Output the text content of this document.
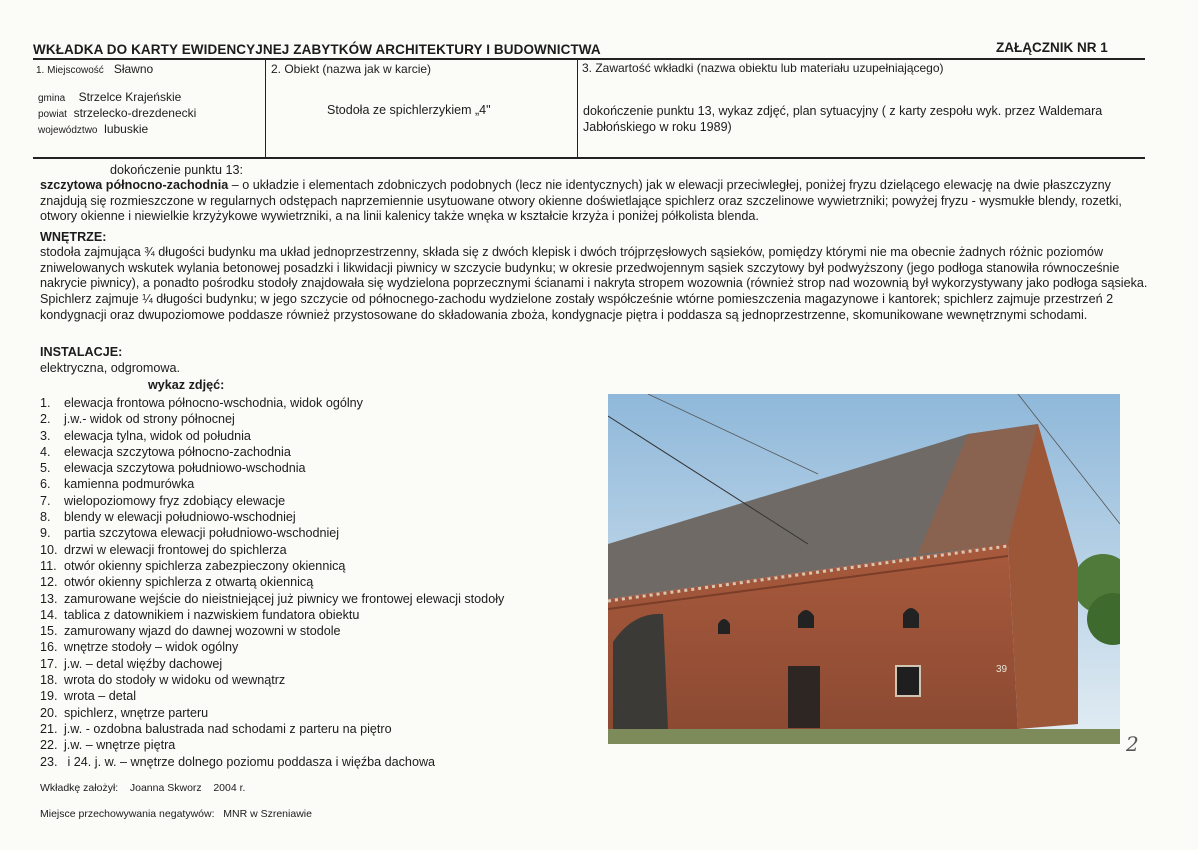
WKŁADKA DO KARTY EWIDENCYJNEJ ZABYTKÓW ARCHITEKTURY I BUDOWNICTWA	ZAŁĄCZNIK NR 1
1. Miejscowość Sławno
gmina Strzelce Krajeńskie
powiat strzelecko-drezdenecki
województwo lubuskie
2. Obiekt (nazwa jak w karcie)
Stodoła ze spichlerzykiem „4"
3. Zawartość wkładki (nazwa obiektu lub materiału uzupełniającego)
dokończenie punktu 13, wykaz zdjęć, plan sytuacyjny ( z karty zespołu wyk. przez Waldemara Jabłońskiego w roku 1989)
dokończenie punktu 13:

szczytowa północno-zachodnia – o układzie i elementach zdobniczych podobnych (lecz nie identycznych) jak w elewacji przeciwległej, poniżej fryzu dzielącego elewację na dwie płaszczyzny znajdują się rozmieszczone w regularnych odstępach naprzemiennie usytuowane otwory okienne doświetlające spichlerz oraz szczelinowe wywietrzniki; powyżej fryzu - wysmukłe blendy, rozetki, otwory okienne i niewielkie krzyżykowe wywietrzniki, a na linii kalenicy także wnęka w kształcie krzyża i poniżej półkolista blenda.

WNĘTRZE:

stodoła zajmująca ¾ długości budynku ma układ jednoprzestrzenny, składa się z dwóch klepisk i dwóch trójprzęsłowych sąsieków, pomiędzy którymi nie ma obecnie żadnych różnic poziomów zniwelowanych wskutek wylania betonowej posadzki i likwidacji piwnicy w szczycie budynku; w okresie przedwojennym sąsiek szczytowy był podwyższony (jego podłoga stanowiła równocześnie nakrycie piwnicy), a ponadto pośrodku stodoły znajdowała się wydzielona poprzecznymi ścianami i nakryta stropem wozownia (również strop nad wozownią był wykorzystywany jako podłoga sąsieka. Spichlerz zajmuje ¼ długości budynku; w jego szczycie od północnego-zachodu wydzielone zostały współcześnie wtórne pomieszczenia magazynowe i kantorek; spichlerz zajmuje przestrzeń 2 kondygnacji oraz dwupoziomowe poddasze również przystosowane do składowania zboża, kondygnacje piętra i poddasza są jednoprzestrzenne, skomunikowane wewnętrznymi schodami.

INSTALACJE:
elektryczna, odgromowa.
wykaz zdjęć:
1. elewacja frontowa północno-wschodnia, widok ogólny
2. j.w.- widok od strony północnej
3. elewacja tylna, widok od południa
4. elewacja szczytowa północno-zachodnia
5. elewacja szczytowa południowo-wschodnia
6. kamienna podmurówka
7. wielopoziomowy fryz zdobiący elewacje
8. blendy w elewacji południowo-wschodniej
9. partia szczytowa elewacji południowo-wschodniej
10. drzwi w elewacji frontowej do spichlerza
11. otwór okienny spichlerza zabezpieczony okiennicą
12. otwór okienny spichlerza z otwartą okiennicą
13. zamurowane wejście do nieistniejącej już piwnicy we frontowej elewacji stodoły
14. tablica z datownikiem i nazwiskiem fundatora obiektu
15. zamurowany wjazd do dawnej wozowni w stodole
16. wnętrze stodoły – widok ogólny
17. j.w. – detal więźby dachowej
18. wrota do stodoły w widoku od wewnątrz
19. wrota – detal
20. spichlerz, wnętrze parteru
21. j.w. - ozdobna balustrada nad schodami z parteru na piętro
22. j.w. – wnętrze piętra
23. i 24. j. w. – wnętrze dolnego poziomu poddasza i więźba dachowa
39
2
Wkładkę założył: Joanna Skworz 2004 r.
Miejsce przechowywania negatywów: MNR w Szreniawie
